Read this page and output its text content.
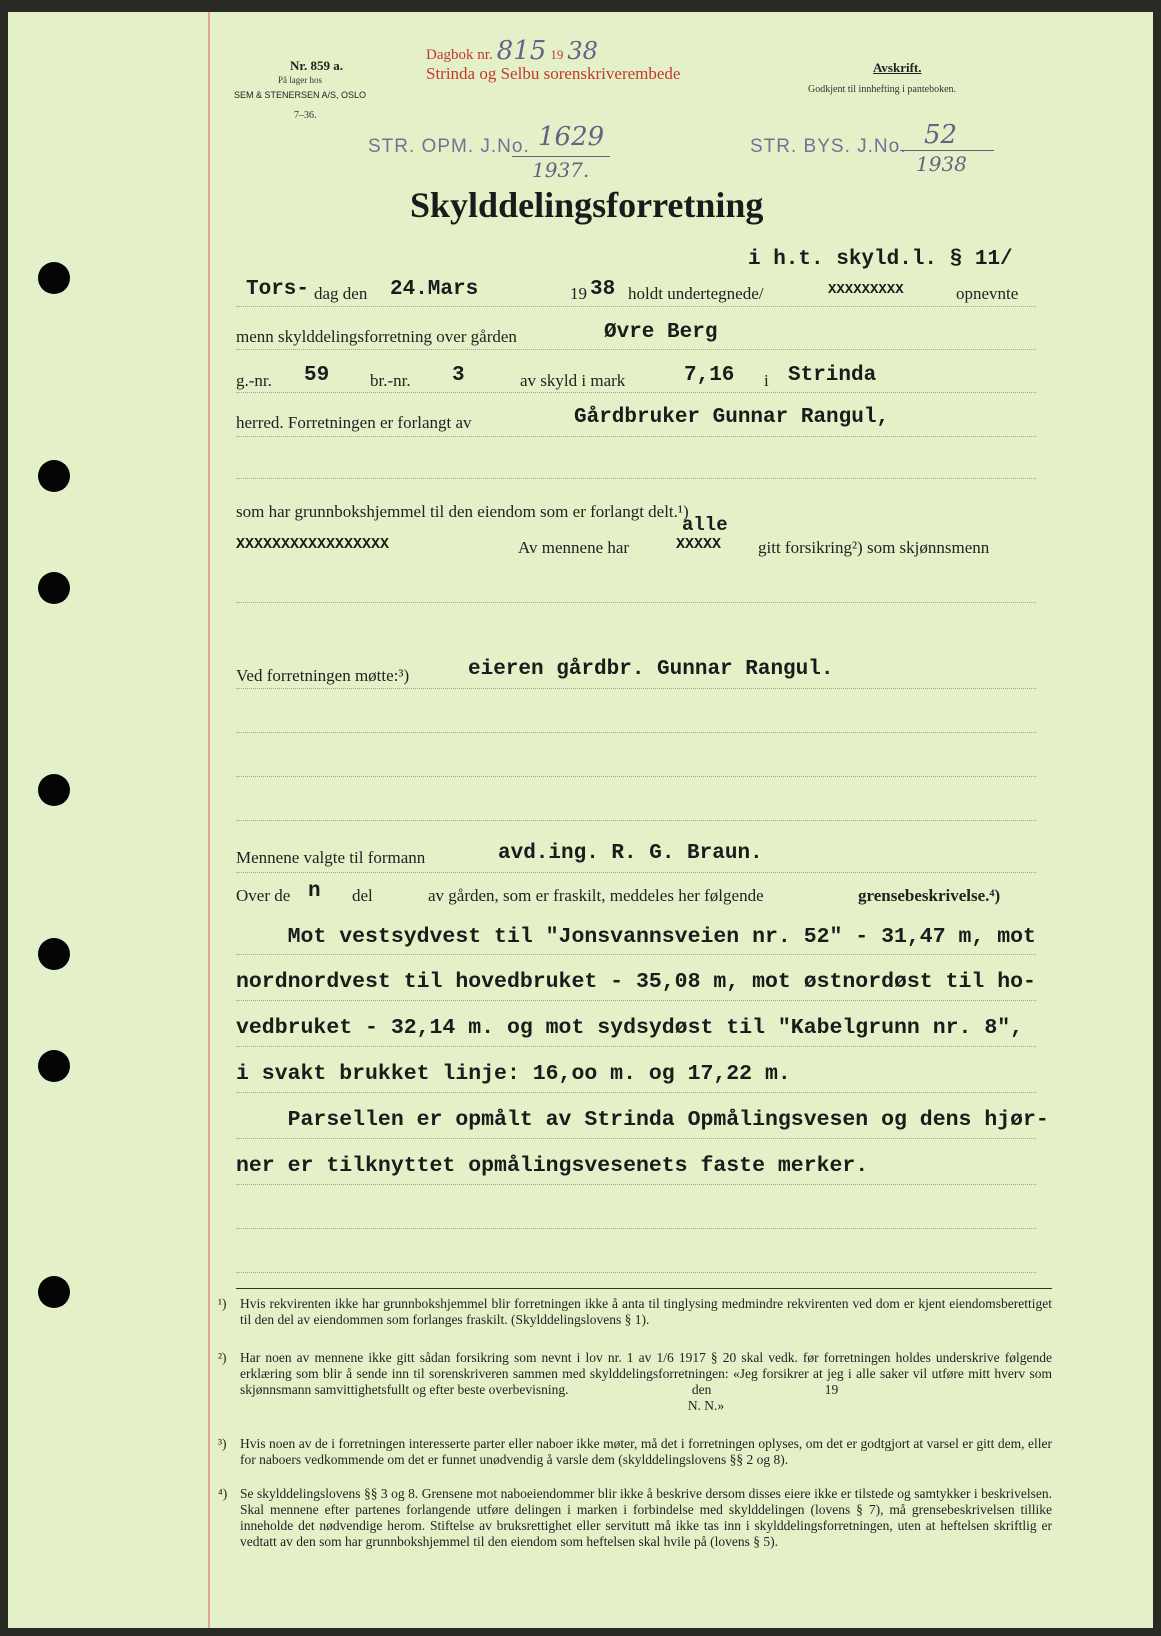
Nr. 859 a.
På lager hos
SEM & STENERSEN A/S, OSLO
7–36.
Dagbok nr. 815 19 38
Strinda og Selbu sorenskriverembede	Avskrift.
Godkjent til innhefting i panteboken.
STR. OPM. J.No. 1629
1937.
STR. BYS. J.No. 52
1938
Skylddelingsforretning
i h.t. skyld.l. § 11/
Tors- dag den 24.Mars	19 38 holdt undertegnede/	XXXXXXXXX	opnevnte
menn skylddelingsforretning over gården	Øvre Berg
g.-nr. 59 br.-nr. 3	av skyld i mark	7,16 i Strinda
herred. Forretningen er forlangt av	Gårdbruker Gunnar Rangul,
som har grunnbokshjemmel til den eiendom som er forlangt delt.¹)
XXXXXXXXXXXXXXXXX	Av mennene har
alle
XXXXX gitt forsikring²) som skjønnsmenn
Ved forretningen møtte:³)	eieren gårdbr. Gunnar Rangul.
Mennene valgte til formann	avd.ing. R. G. Braun.
Over de n del	av gården, som er fraskilt, meddeles her følgende	grensebeskrivelse.⁴)
Mot vestsydvest til "Jonsvannsveien nr. 52" - 31,47 m, mot
nordnordvest til hovedbruket - 35,08 m, mot østnordøst til ho-
vedbruket - 32,14 m. og mot sydsydøst til "Kabelgrunn nr. 8",
i svakt brukket linje: 16,oo m. og 17,22 m.
Parsellen er opmålt av Strinda Opmålingsvesen og dens hjør-
ner er tilknyttet opmålingsvesenets faste merker.
¹) Hvis rekvirenten ikke har grunnbokshjemmel blir forretningen ikke å anta til tinglysing medmindre rekvirenten ved dom er kjent eiendomsberettiget til den del av eiendommen som forlanges fraskilt. (Skylddelingslovens § 1).
²) Har noen av mennene ikke gitt sådan forsikring som nevnt i lov nr. 1 av 1/6 1917 § 20 skal vedk. før forretningen holdes underskrive følgende erklæring som blir å sende inn til sorenskriveren sammen med skylddelingsforretningen: «Jeg forsikrer at jeg i alle saker vil utføre mitt hverv som skjønnsmann samvittighetsfullt og efter beste overbevisning.	den	19
N. N.»
³) Hvis noen av de i forretningen interesserte parter eller naboer ikke møter, må det i forretningen oplyses, om det er godtgjort at varsel er gitt dem, eller for naboers vedkommende om det er funnet unødvendig å varsle dem (skylddelingslovens §§ 2 og 8).
⁴) Se skylddelingslovens §§ 3 og 8. Grensene mot naboeiendommer blir ikke å beskrive dersom disses eiere ikke er tilstede og samtykker i beskrivelsen. Skal mennene efter partenes forlangende utføre delingen i marken i forbindelse med skylddelingen (lovens § 7), må grensebeskrivelsen tillike inneholde det nødvendige herom. Stiftelse av bruksrettighet eller servitutt må ikke tas inn i skylddelingsforretningen, uten at heftelsen skriftlig er vedtatt av den som har grunnbokshjemmel til den eiendom som heftelsen skal hvile på (lovens § 5).
